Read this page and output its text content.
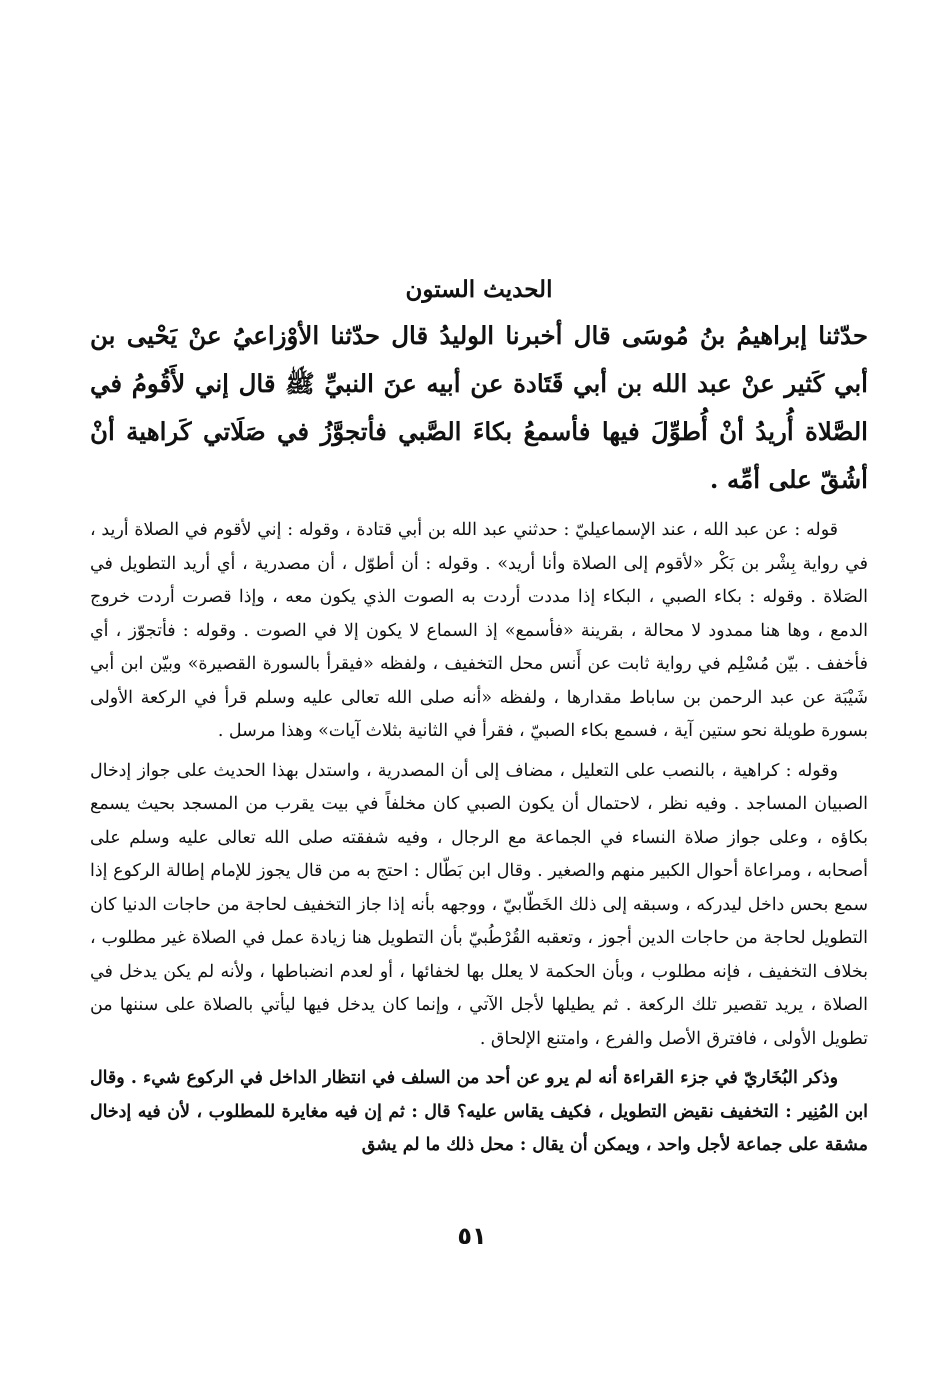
الحديث الستون
حدّثنا إبراهيمُ بنُ مُوسَى قال أخبرنا الوليدُ قال حدّثنا الأوْزاعيُ عنْ يَحْيى بن أبي كَثير عنْ عبد الله بن أبي قَتَادة عن أبيه عنَ النبيِّ ﷺ قال إني لأَقُومُ في الصَّلاة أُريدُ أنْ أُطوِّلَ فيها فأسمعُ بكاءَ الصَّبي فأتجوَّزُ في صَلَاتي كَراهية أنْ أشُقّ على أمِّه .

قوله : عن عبد الله ، عند الإسماعيليّ : حدثني عبد الله بن أبي قتادة ، وقوله : إني لأقوم في الصلاة أريد ، في رواية بِشْر بن بَكْر «لأقوم إلى الصلاة وأنا أريد» . وقوله : أن أطوّل ، أن مصدرية ، أي أريد التطويل في الصَلاة . وقوله : بكاء الصبي ، البكاء إذا مددت أردت به الصوت الذي يكون معه ، وإذا قصرت أردت خروج الدمع ، وها هنا ممدود لا محالة ، بقرينة «فأسمع» إذ السماع لا يكون إلا في الصوت . وقوله : فأتجوّز ، أي فأخفف . بيّن مُسْلِم في رواية ثابت عن أَنس محل التخفيف ، ولفظه «فيقرأ بالسورة القصيرة» وبيّن ابن أبي شَيْبَة عن عبد الرحمن بن ساباط مقدارها ، ولفظه «أنه صلى الله تعالى عليه وسلم قرأ في الركعة الأولى بسورة طويلة نحو ستين آية ، فسمع بكاء الصبيّ ، فقرأ في الثانية بثلاث آيات» وهذا مرسل .

وقوله : كراهية ، بالنصب على التعليل ، مضاف إلى أن المصدرية ، واستدل بهذا الحديث على جواز إدخال الصبيان المساجد . وفيه نظر ، لاحتمال أن يكون الصبي كان مخلفاً في بيت يقرب من المسجد بحيث يسمع بكاؤه ، وعلى جواز صلاة النساء في الجماعة مع الرجال ، وفيه شفقته صلى الله تعالى عليه وسلم على أصحابه ، ومراعاة أحوال الكبير منهم والصغير . وقال ابن بَطّال : احتج به من قال يجوز للإمام إطالة الركوع إذا سمع بحس داخل ليدركه ، وسبقه إلى ذلك الخَطّابيّ ، ووجهه بأنه إذا جاز التخفيف لحاجة من حاجات الدنيا كان التطويل لحاجة من حاجات الدين أجوز ، وتعقبه القُرْطُبيّ بأن التطويل هنا زيادة عمل في الصلاة غير مطلوب ، بخلاف التخفيف ، فإنه مطلوب ، وبأن الحكمة لا يعلل بها لخفائها ، أو لعدم انضباطها ، ولأنه لم يكن يدخل في الصلاة ، يريد تقصير تلك الركعة . ثم يطيلها لأجل الآتي ، وإنما كان يدخل فيها ليأتي بالصلاة على سننها من تطويل الأولى ، فافترق الأصل والفرع ، وامتنع الإلحاق .

وذكر البُخَاريّ في جزء القراءة أنه لم يرو عن أحد من السلف في انتظار الداخل في الركوع شيء . وقال ابن المُنِير : التخفيف نقيض التطويل ، فكيف يقاس عليه؟ قال : ثم إن فيه مغايرة للمطلوب ، لأن فيه إدخال مشقة على جماعة لأجل واحد ، ويمكن أن يقال : محل ذلك ما لم يشق

٥١
